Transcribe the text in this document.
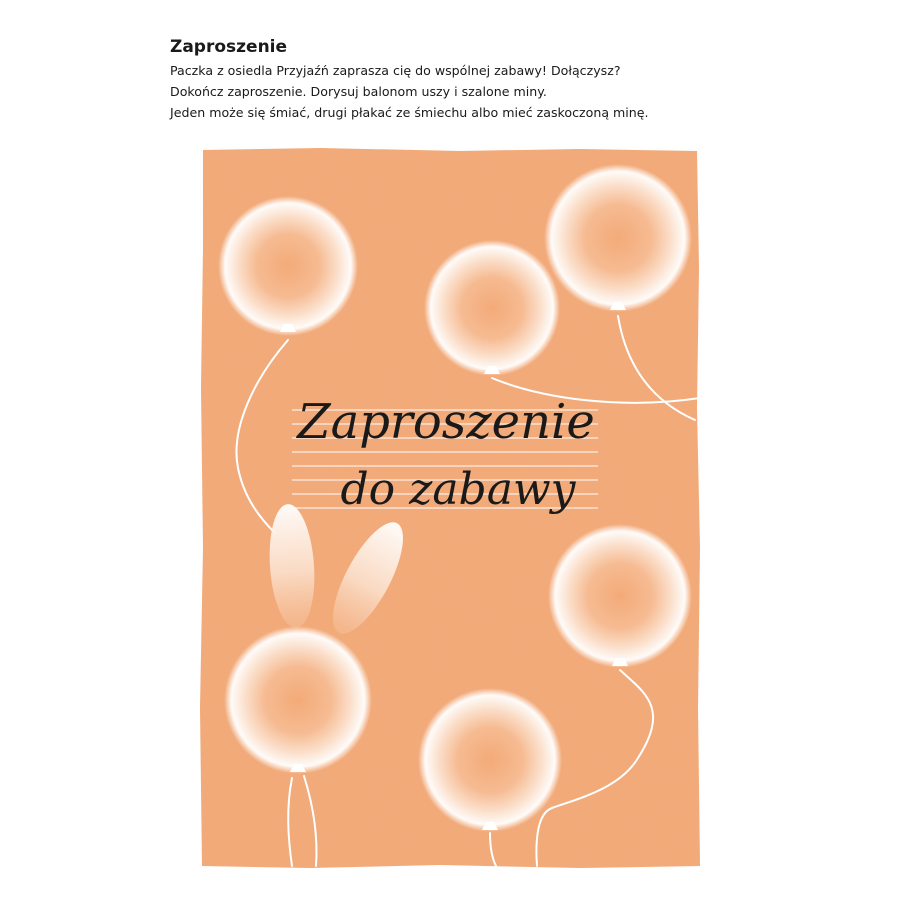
Zaproszenie
Paczka z osiedla Przyjaźń zaprasza cię do wspólnej zabawy! Dołączysz?
Dokończ zaproszenie. Dorysuj balonom uszy i szalone miny.
Jeden może się śmiać, drugi płakać ze śmiechu albo mieć zaskoczoną minę.
Zaproszenie
do zabawy
